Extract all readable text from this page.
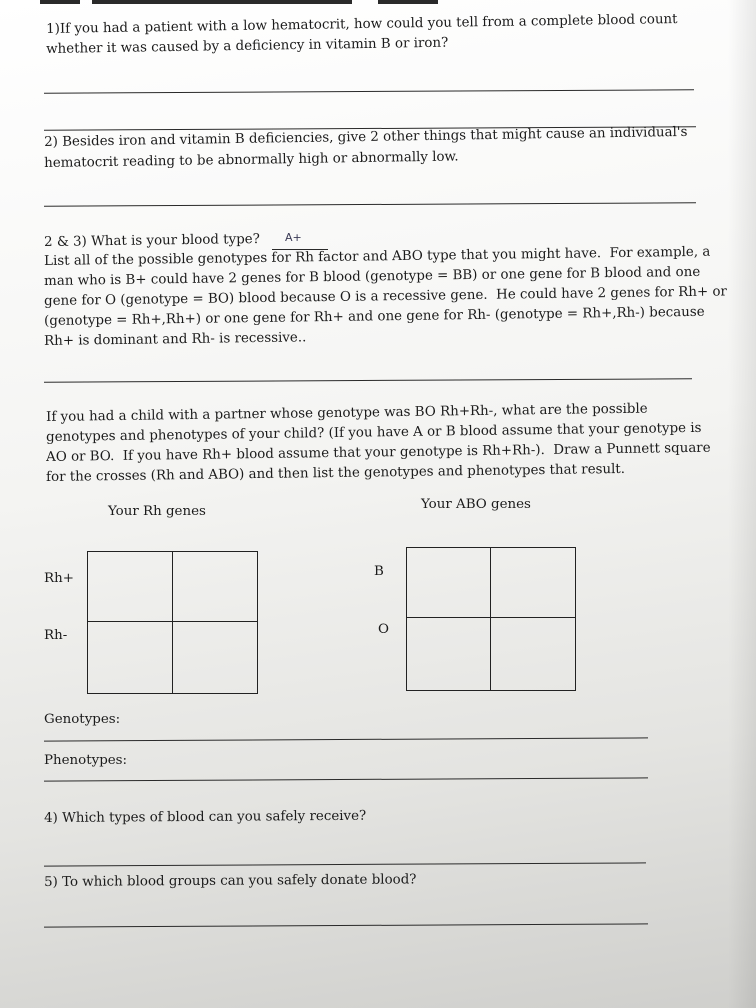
1)If you had a patient with a low hematocrit, how could you tell from a complete blood count
whether it was caused by a deficiency in vitamin B or iron?
2) Besides iron and vitamin B deficiencies, give 2 other things that might cause an individual's
hematocrit reading to be abnormally high or abnormally low.
2 & 3) What is your blood type? A+
List all of the possible genotypes for Rh factor and ABO type that you might have.  For example, a
man who is B+ could have 2 genes for B blood (genotype = BB) or one gene for B blood and one
gene for O (genotype = BO) blood because O is a recessive gene.  He could have 2 genes for Rh+ or
(genotype = Rh+,Rh+) or one gene for Rh+ and one gene for Rh- (genotype = Rh+,Rh-) because
Rh+ is dominant and Rh- is recessive..
If you had a child with a partner whose genotype was BO Rh+Rh-, what are the possible
genotypes and phenotypes of your child? (If you have A or B blood assume that your genotype is
AO or BO.  If you have Rh+ blood assume that your genotype is Rh+Rh-).  Draw a Punnett square
for the crosses (Rh and ABO) and then list the genotypes and phenotypes that result.
Your Rh genes	Your ABO genes
Rh+
Rh-
B
O
Genotypes:
Phenotypes:
4) Which types of blood can you safely receive?
5) To which blood groups can you safely donate blood?
